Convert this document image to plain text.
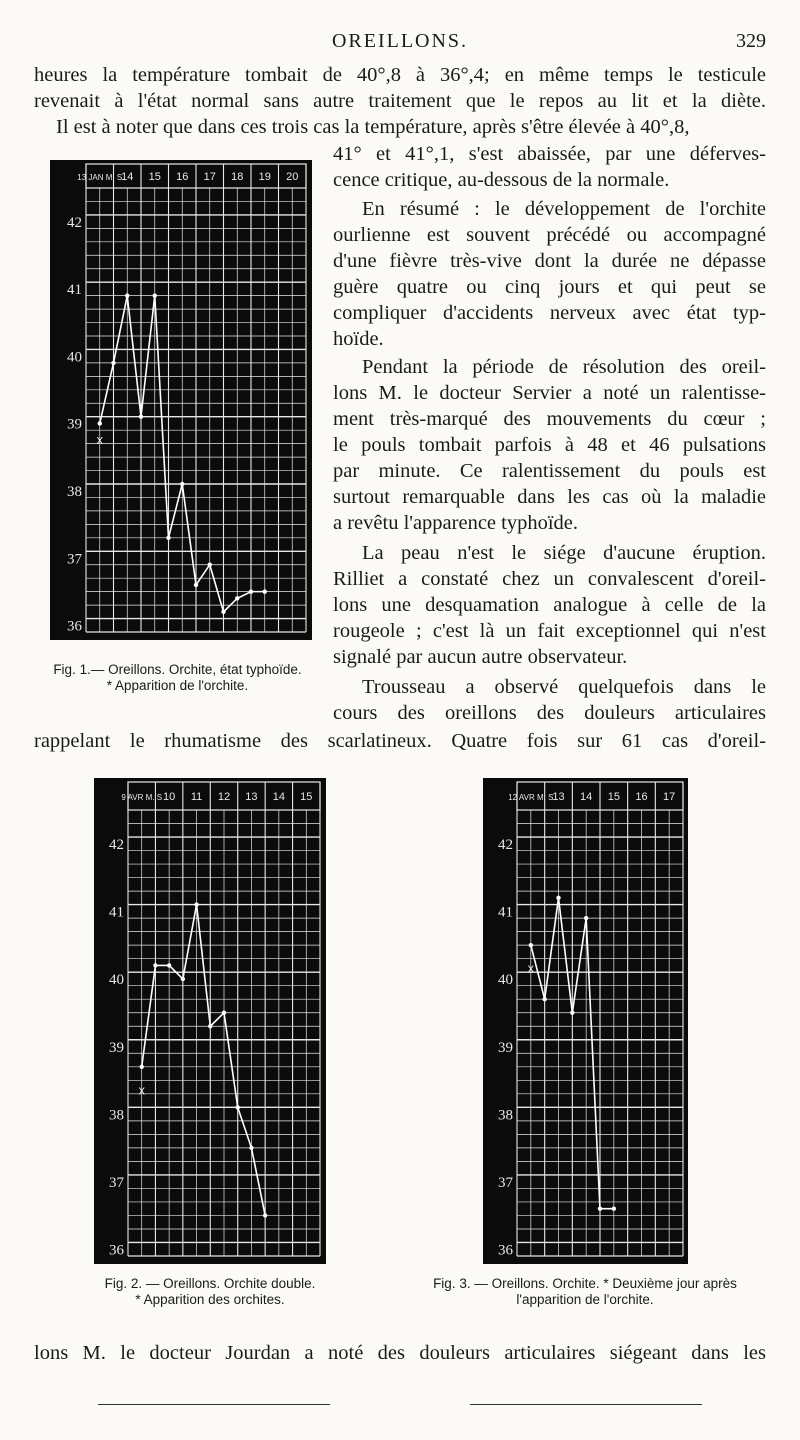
OREILLONS.	329
heures la température tombait de 40°,8 à 36°,4; en même temps le testicule
revenait à l'état normal sans autre traitement que le repos au lit et la diète.
Il est à noter que dans ces trois cas la température, après s'être élevée à 40°,8,
41° et 41°,1, s'est abaissée, par une déferves-
cence critique, au-dessous de la normale.
En résumé : le développement de l'orchite
ourlienne est souvent précédé ou accompagné
d'une fièvre très-vive dont la durée ne dépasse
guère quatre ou cinq jours et qui peut se
compliquer d'accidents nerveux avec état typ-
hoïde.
Pendant la période de résolution des oreil-
lons M. le docteur Servier a noté un ralentisse-
ment très-marqué des mouvements du cœur ;
le pouls tombait parfois à 48 et 46 pulsations
par minute. Ce ralentissement du pouls est
surtout remarquable dans les cas où la maladie
a revêtu l'apparence typhoïde.
La peau n'est le siége d'aucune éruption.
Rilliet a constaté chez un convalescent d'oreil-
lons une desquamation analogue à celle de la
rougeole ; c'est là un fait exceptionnel qui n'est
signalé par aucun autre observateur.
Trousseau a observé quelquefois dans le
cours des oreillons des douleurs articulaires
rappelant le rhumatisme des scarlatineux. Quatre fois sur 61 cas d'oreil-
13 JAN M. S
14 15 16 17 18 19 20
42
41
40
39
38
37
36
X
Fig. 1.— Oreillons. Orchite, état typhoïde.
* Apparition de l'orchite.
9 AVR M. S 10 11 12 13 14 15
42
41
40
39
38
37
36
X
Fig. 2. — Oreillons. Orchite double.
* Apparition des orchites.
12 AVR M. S
13 14 15 16 17
42
41
40
39
38
37
36
X
Fig. 3. — Oreillons. Orchite. * Deuxième jour après
l'apparition de l'orchite.
lons M. le docteur Jourdan a noté des douleurs articulaires siégeant dans les
